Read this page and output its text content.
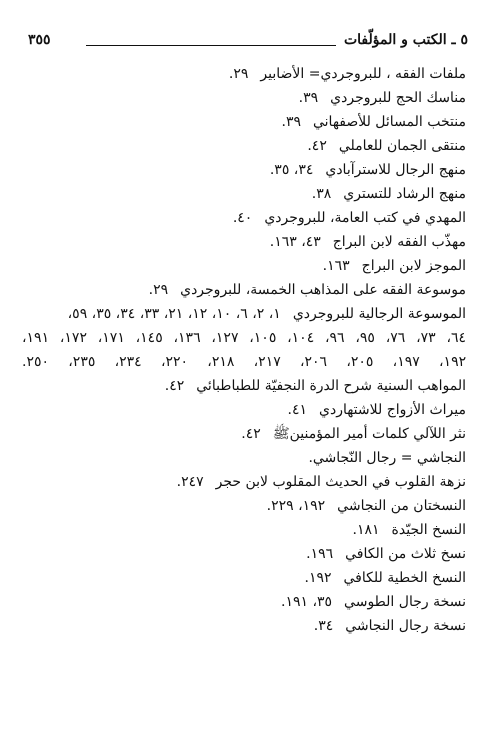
٥ ـ الكتب و المؤلّفات
٣٥٥
ملفات الفقه ، للبروجردي= الأضابير٢٩.
مناسك الحج للبروجردي٣٩.
منتخب المسائل للأصفهاني٣٩.
منتقى الجمان للعاملي٤٢.
منهج الرجال للاسترآبادي٣٤، ٣٥.
منهج الرشاد للتستري٣٨.
المهدي في كتب العامة، للبروجردي٤٠.
مهذّب الفقه لابن البراج٤٣، ١٦٣.
الموجز لابن البراج١٦٣.
موسوعة الفقه على المذاهب الخمسة، للبروجردي٢٩.
الموسوعة الرجالية للبروجردي١، ٢، ٦، ١٠، ١٢، ٢١، ٣٣، ٣٤، ٣٥، ٥٩،
٦٤، ٧٣، ٧٦، ٩٥، ٩٦، ١٠٤، ١٠٥، ١٢٧، ١٣٦، ١٤٥، ١٧١، ١٧٢، ١٩١،
١٩٢، ١٩٧، ٢٠٥، ٢٠٦، ٢١٧، ٢١٨، ٢٢٠، ٢٣٤، ٢٣٥، ٢٥٠.
المواهب السنية شرح الدرة النجفيّة للطباطبائي٤٢.
ميراث الأزواج للاشتهاردي٤١.
نثر اللآلي كلمات أمير المؤمنينﷺ٤٢.
النجاشي = رجال النّجاشي.
نزهة القلوب في الحديث المقلوب لابن حجر٢٤٧.
النسختان من النجاشي١٩٢، ٢٢٩.
النسخ الجيّدة١٨١.
نسخ ثلاث من الكافي١٩٦.
النسخ الخطية للكافي١٩٢.
نسخة رجال الطوسي٣٥، ١٩١.
نسخة رجال النجاشي٣٤.
